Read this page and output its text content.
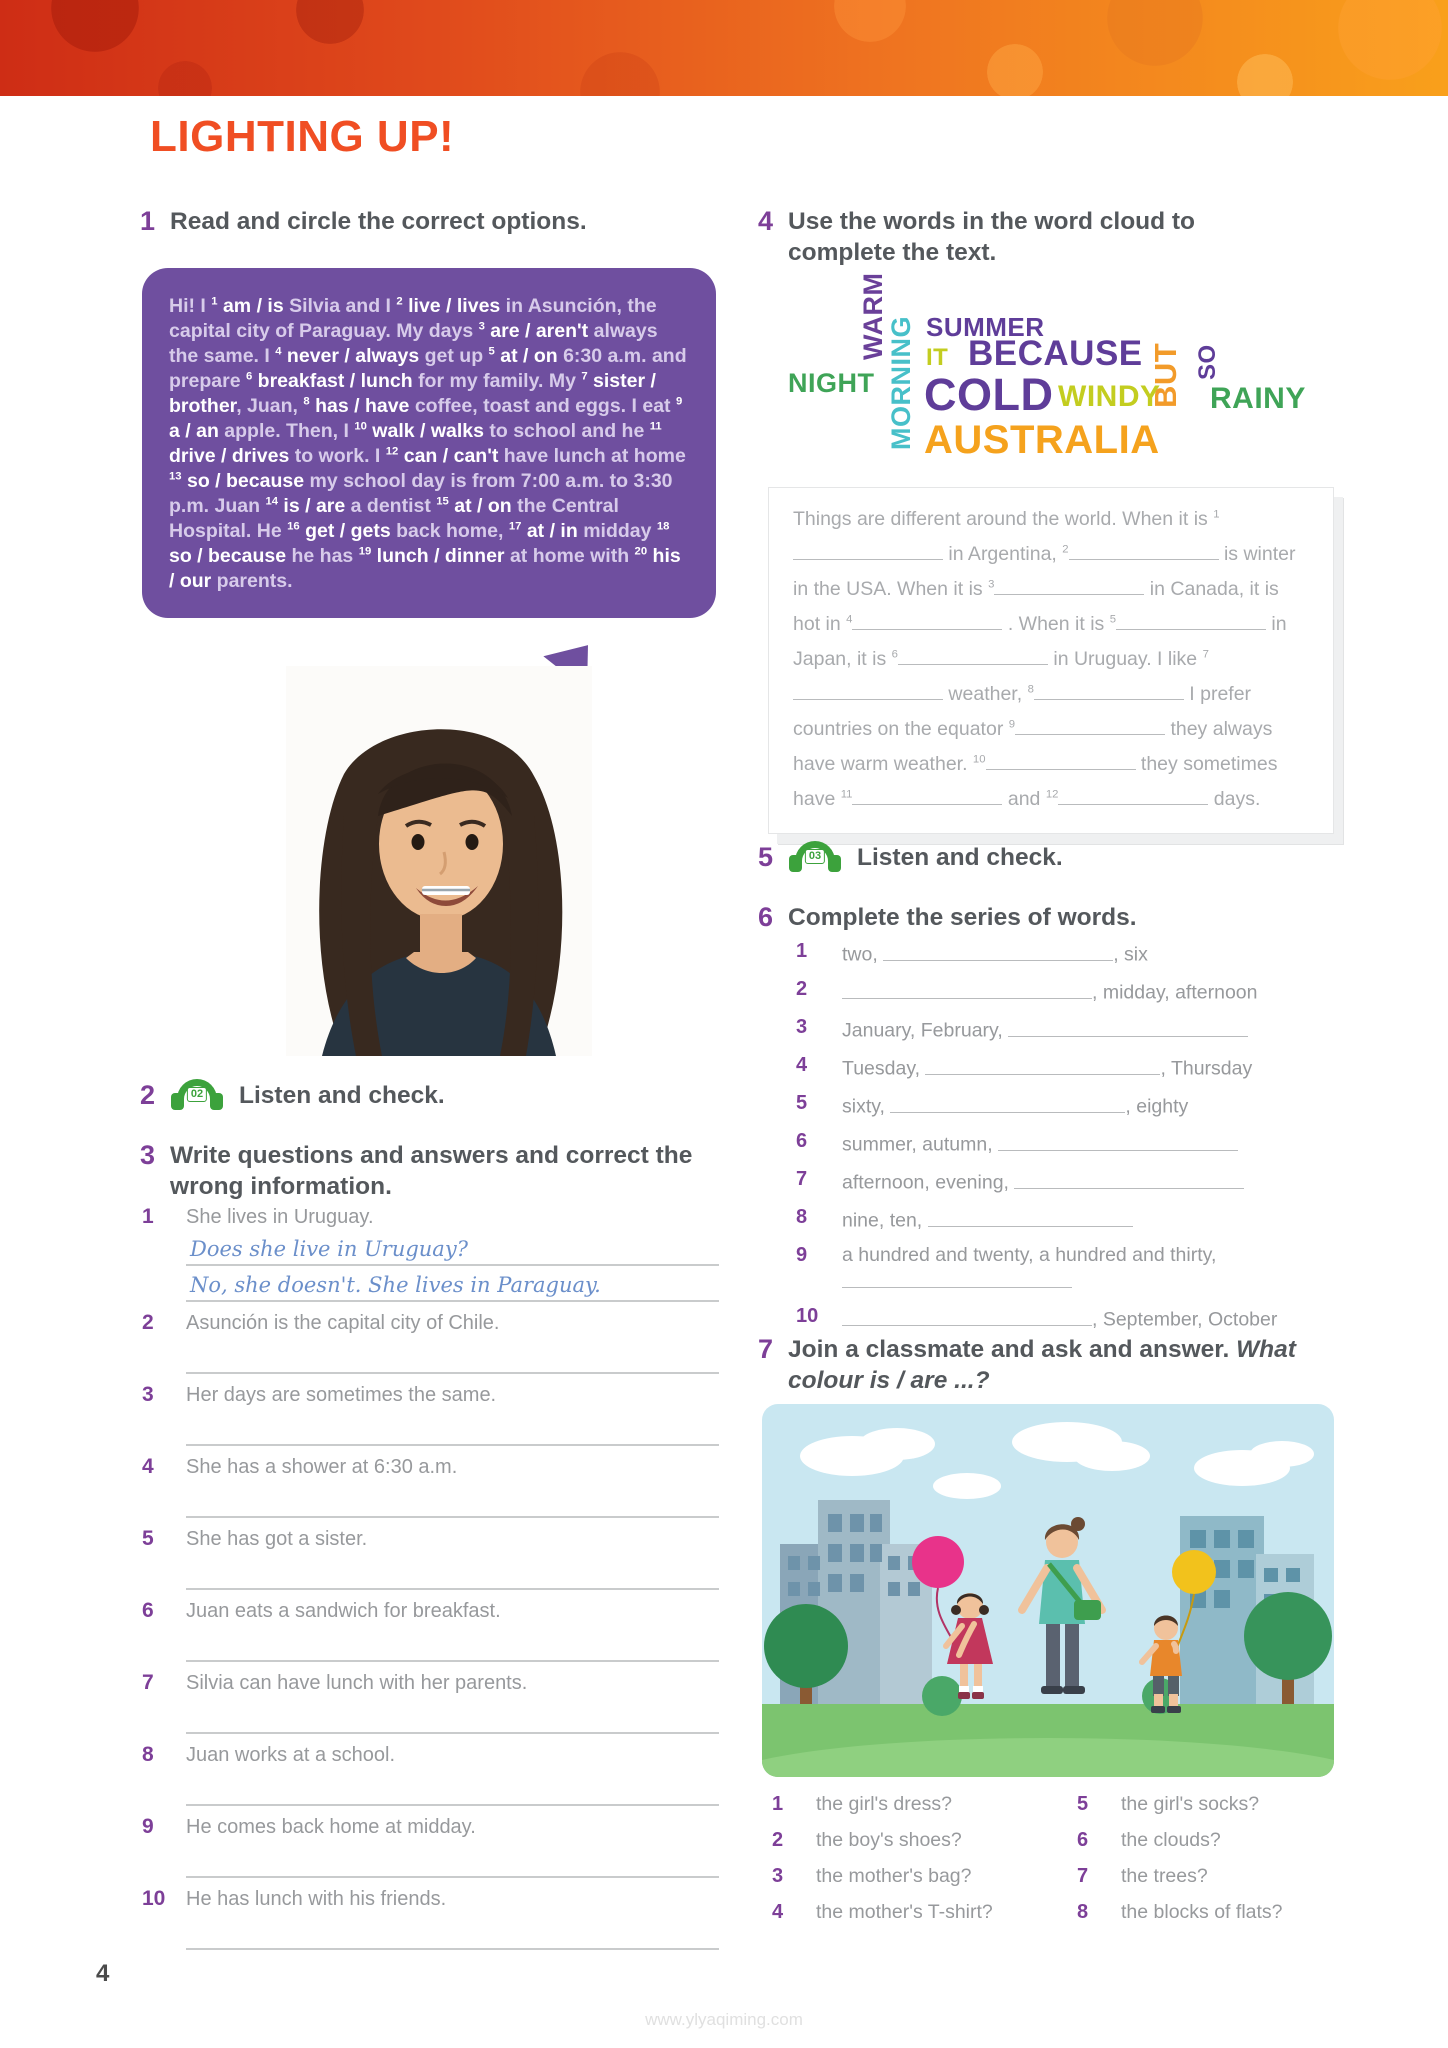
LIGHTING UP!
1 Read and circle the correct options.
Hi! I $^1$ am / is Silvia and I $^2$ live / lives in Asunción, the capital city of Paraguay. My days $^3$ are / aren't always the same. I $^4$ never / always get up $^5$ at / on 6:30 a.m. and prepare $^6$ breakfast / lunch for my family. My $^7$ sister / brother, Juan, $^8$ has / have coffee, toast and eggs. I eat $^9$ a / an apple. Then, I $^{10}$ walk / walks to school and he $^{11}$ drive / drives to work. I $^{12}$ can / can't have lunch at home $^{13}$ so / because my school day is from 7:00 a.m. to 3:30 p.m. Juan $^{14}$ is / are a dentist $^{15}$ at / on the Central Hospital. He $^{16}$ get / gets back home, $^{17}$ at / in midday $^{18}$ so / because he has $^{19}$ lunch / dinner at home with $^{20}$ his / our parents.
2	02 Listen and check.
3 Write questions and answers and correct the wrong information.
1	She lives in Uruguay.
Does she live in Uruguay?
No, she doesn't. She lives in Paraguay.
2	Asunción is the capital city of Chile.
3	Her days are sometimes the same.
4	She has a shower at 6:30 a.m.
5	She has got a sister.
6	Juan eats a sandwich for breakfast.
7	Silvia can have lunch with her parents.
8	Juan works at a school.
9	He comes back home at midday.
10	He has lunch with his friends.
4 Use the words in the word cloud to complete the text.
NIGHT
WARM
MORNING SUMMER
IT BECAUSE
COLD WINDY
BUT SO
RAINY
AUSTRALIA
Things are different around the world. When it is $^1$ in Argentina, $^2$	is winter in the USA. When it is $^3$	in Canada, it is hot in $^4$	. When it is $^5$	in Japan, it is $^6$	in Uruguay. I like $^7$ weather, $^8$	I prefer countries on the equator $^9$	they always have warm weather. $^{10}$	they sometimes have $^{11}$	and $^{12}$	days.
5	03 Listen and check.
6 Complete the series of words.
1	two,	, six
2	, midday, afternoon
3	January, February,
4	Tuesday,	, Thursday
5	sixty,	, eighty
6	summer, autumn,
7	afternoon, evening,
8	nine, ten,
9	a hundred and twenty, a hundred and thirty,

10	, September, October
7 Join a classmate and ask and answer. What colour is / are ...?
1	the girl's dress?
2	the boy's shoes?
3	the mother's bag?
4	the mother's T-shirt?
5	the girl's socks?
6	the clouds?
7	the trees?
8	the blocks of flats?
4
www.ylyaqiming.com
